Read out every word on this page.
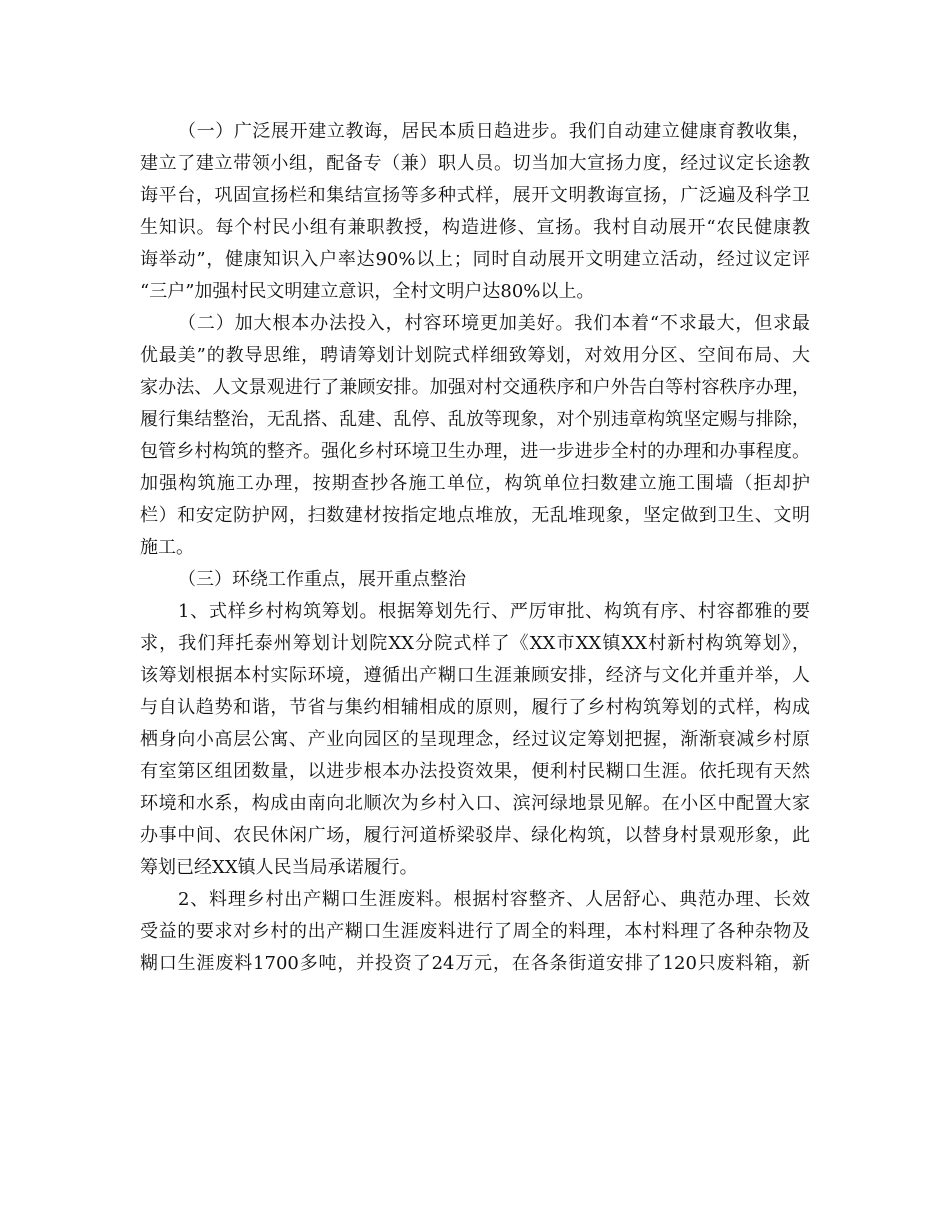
（一）广泛展开建立教诲，居民本质日趋进步。我们自动建立健康育教收集，
建立了建立带领小组，配备专（兼）职人员。切当加大宣扬力度，经过议定长途教
诲平台，巩固宣扬栏和集结宣扬等多种式样，展开文明教诲宣扬，广泛遍及科学卫
生知识。每个村民小组有兼职教授，构造进修、宣扬。我村自动展开“农民健康教
诲举动”，健康知识入户率达90%以上；同时自动展开文明建立活动，经过议定评
“三户”加强村民文明建立意识，全村文明户达80%以上。
（二）加大根本办法投入，村容环境更加美好。我们本着“不求最大，但求最
优最美”的教导思维，聘请筹划计划院式样细致筹划，对效用分区、空间布局、大
家办法、人文景观进行了兼顾安排。加强对村交通秩序和户外告白等村容秩序办理，
履行集结整治，无乱搭、乱建、乱停、乱放等现象，对个别违章构筑坚定赐与排除，
包管乡村构筑的整齐。强化乡村环境卫生办理，进一步进步全村的办理和办事程度。
加强构筑施工办理，按期查抄各施工单位，构筑单位扫数建立施工围墙（拒却护
栏）和安定防护网，扫数建材按指定地点堆放，无乱堆现象，坚定做到卫生、文明
施工。
（三）环绕工作重点，展开重点整治
1、式样乡村构筑筹划。根据筹划先行、严厉审批、构筑有序、村容都雅的要
求，我们拜托泰州筹划计划院XX分院式样了《XX市XX镇XX村新村构筑筹划》，
该筹划根据本村实际环境，遵循出产糊口生涯兼顾安排，经济与文化并重并举，人
与自认趋势和谐，节省与集约相辅相成的原则，履行了乡村构筑筹划的式样，构成
栖身向小高层公寓、产业向园区的呈现理念，经过议定筹划把握，渐渐衰减乡村原
有室第区组团数量，以进步根本办法投资效果，便利村民糊口生涯。依托现有天然
环境和水系，构成由南向北顺次为乡村入口、滨河绿地景见解。在小区中配置大家
办事中间、农民休闲广场，履行河道桥梁驳岸、绿化构筑，以替身村景观形象，此
筹划已经XX镇人民当局承诺履行。
2、料理乡村出产糊口生涯废料。根据村容整齐、人居舒心、典范办理、长效
受益的要求对乡村的出产糊口生涯废料进行了周全的料理，本村料理了各种杂物及
糊口生涯废料1700多吨，并投资了24万元，在各条街道安排了120只废料箱，新
